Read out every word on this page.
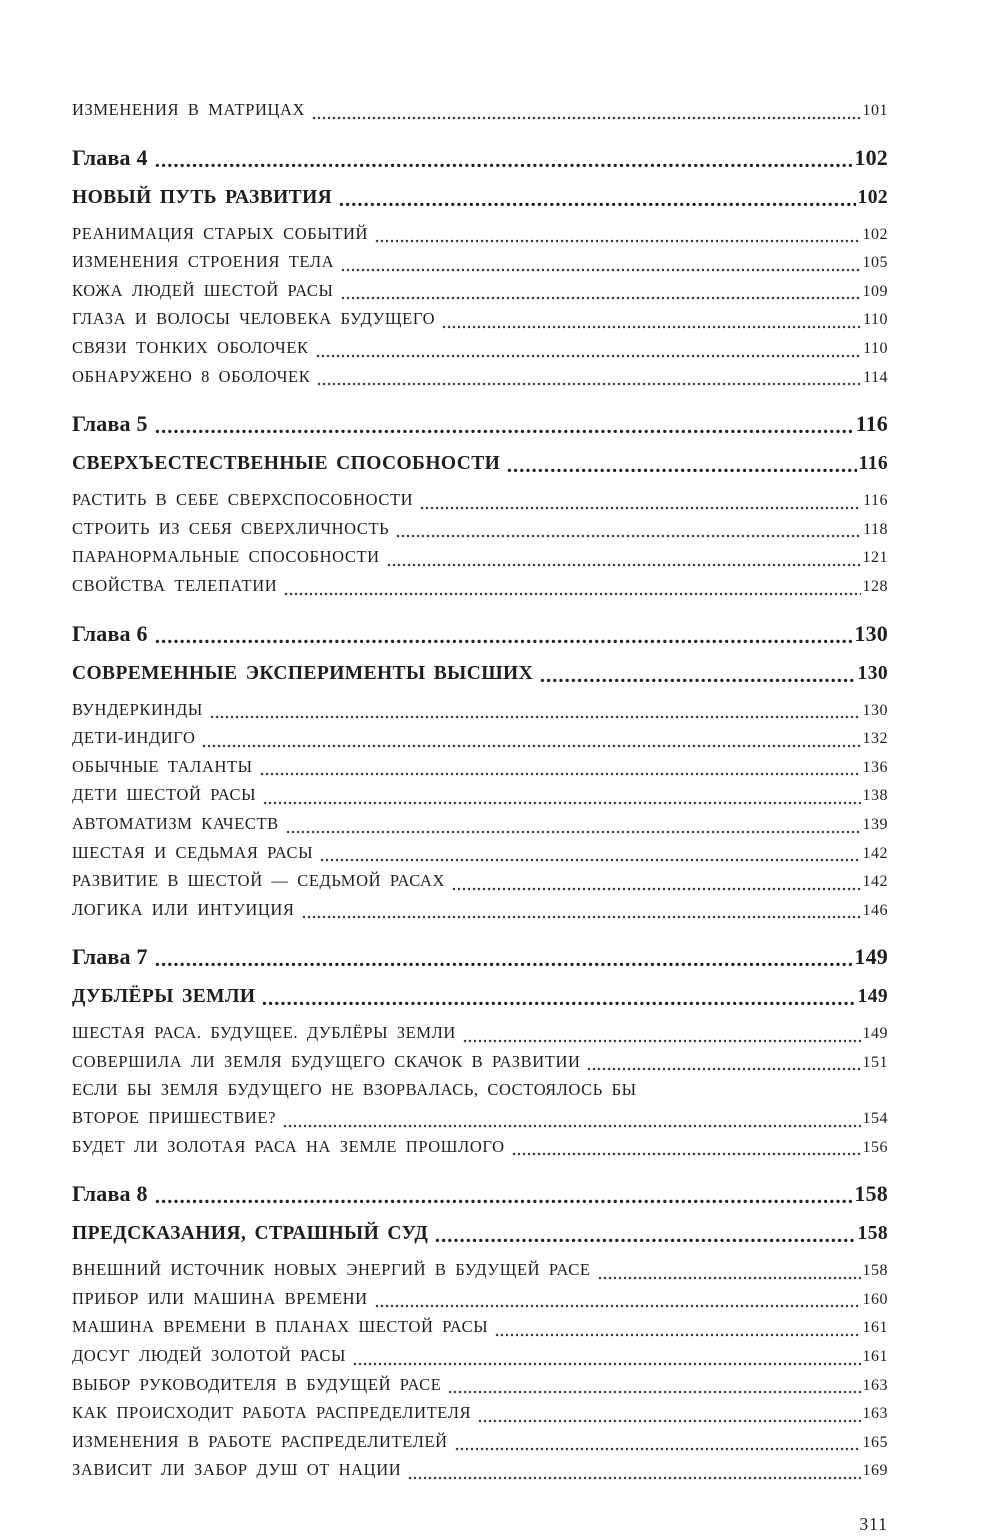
ИЗМЕНЕНИЯ В МАТРИЦАХ	101
Глава 4	102
НОВЫЙ ПУТЬ РАЗВИТИЯ	102
РЕАНИМАЦИЯ СТАРЫХ СОБЫТИЙ	102
ИЗМЕНЕНИЯ СТРОЕНИЯ ТЕЛА	105
КОЖА ЛЮДЕЙ ШЕСТОЙ РАСЫ	109
ГЛАЗА И ВОЛОСЫ ЧЕЛОВЕКА БУДУЩЕГО	110
СВЯЗИ ТОНКИХ ОБОЛОЧЕК	110
ОБНАРУЖЕНО 8 ОБОЛОЧЕК	114
Глава 5	116
СВЕРХЪЕСТЕСТВЕННЫЕ СПОСОБНОСТИ	116
РАСТИТЬ В СЕБЕ СВЕРХСПОСОБНОСТИ	116
СТРОИТЬ ИЗ СЕБЯ СВЕРХЛИЧНОСТЬ	118
ПАРАНОРМАЛЬНЫЕ СПОСОБНОСТИ	121
СВОЙСТВА ТЕЛЕПАТИИ	128
Глава 6	130
СОВРЕМЕННЫЕ ЭКСПЕРИМЕНТЫ ВЫСШИХ	130
ВУНДЕРКИНДЫ	130
ДЕТИ-ИНДИГО	132
ОБЫЧНЫЕ ТАЛАНТЫ	136
ДЕТИ ШЕСТОЙ РАСЫ	138
АВТОМАТИЗМ КАЧЕСТВ	139
ШЕСТАЯ И СЕДЬМАЯ РАСЫ	142
РАЗВИТИЕ В ШЕСТОЙ — СЕДЬМОЙ РАСАХ	142
ЛОГИКА ИЛИ ИНТУИЦИЯ	146
Глава 7	149
ДУБЛЁРЫ ЗЕМЛИ	149
ШЕСТАЯ РАСА. БУДУЩЕЕ. ДУБЛЁРЫ ЗЕМЛИ	149
СОВЕРШИЛА ЛИ ЗЕМЛЯ БУДУЩЕГО СКАЧОК В РАЗВИТИИ	151
ЕСЛИ БЫ ЗЕМЛЯ БУДУЩЕГО НЕ ВЗОРВАЛАСЬ, СОСТОЯЛОСЬ БЫ
ВТОРОЕ ПРИШЕСТВИЕ?	154
БУДЕТ ЛИ ЗОЛОТАЯ РАСА НА ЗЕМЛЕ ПРОШЛОГО	156
Глава 8	158
ПРЕДСКАЗАНИЯ, СТРАШНЫЙ СУД	158
ВНЕШНИЙ ИСТОЧНИК НОВЫХ ЭНЕРГИЙ В БУДУЩЕЙ РАСЕ	158
ПРИБОР ИЛИ МАШИНА ВРЕМЕНИ	160
МАШИНА ВРЕМЕНИ В ПЛАНАХ ШЕСТОЙ РАСЫ	161
ДОСУГ ЛЮДЕЙ ЗОЛОТОЙ РАСЫ	161
ВЫБОР РУКОВОДИТЕЛЯ В БУДУЩЕЙ РАСЕ	163
КАК ПРОИСХОДИТ РАБОТА РАСПРЕДЕЛИТЕЛЯ	163
ИЗМЕНЕНИЯ В РАБОТЕ РАСПРЕДЕЛИТЕЛЕЙ	165
ЗАВИСИТ ЛИ ЗАБОР ДУШ ОТ НАЦИИ	169
311
